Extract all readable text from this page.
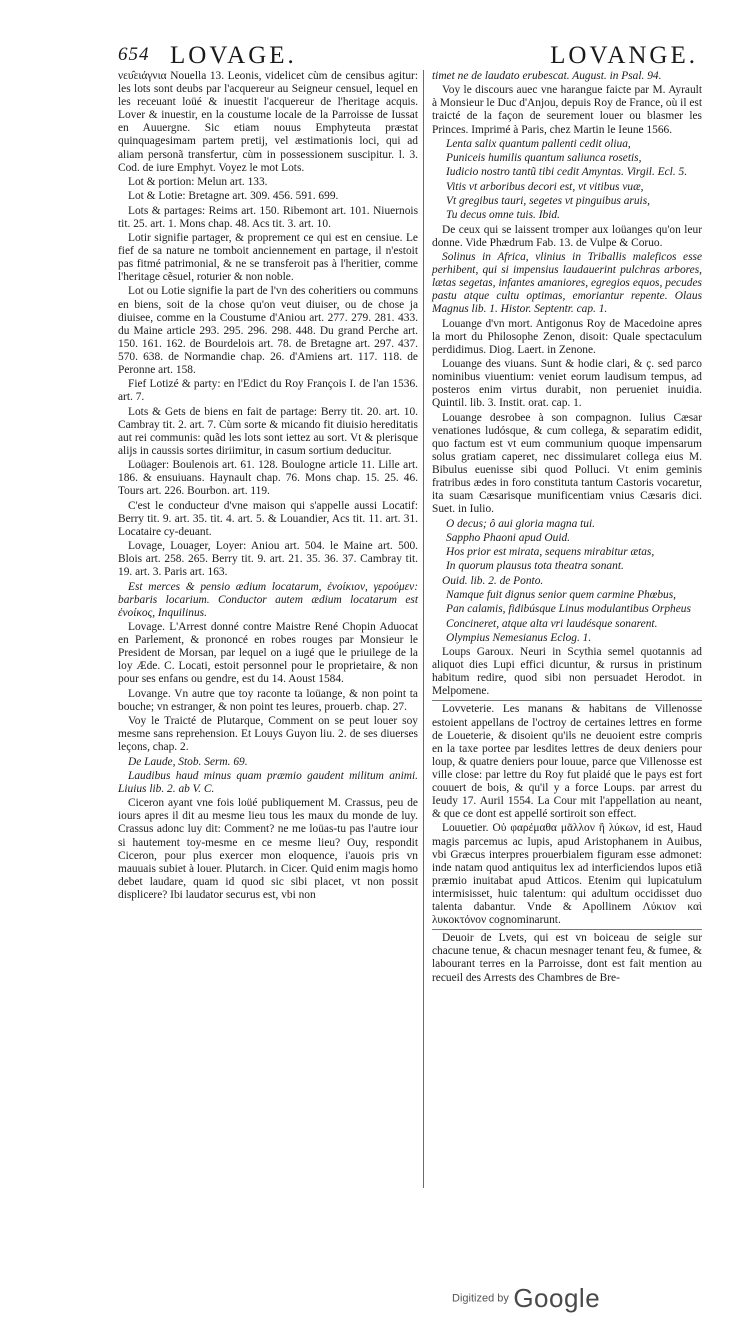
654 LOVAGE.	LOVANGE.
νευ̂ειάγνια Nouella 13. Leonis, videlicet cùm de censibus agitur: les lots sont deubs par l'acquereur au Seigneur censuel, lequel en les receuant loüé & inuestit l'acquereur de l'heritage acquis. Lover & inuestir, en la coustume locale de la Parroisse de Iussat en Auuergne. Sic etiam nouus Emphyteuta præstat quinquagesimam partem pretij, vel æstimationis loci, qui ad aliam personã transfertur, cùm in possessionem suscipitur. l. 3. Cod. de iure Emphyt. Voyez le mot Lots.
Lot & portion: Melun art. 133.
Lot & Lotie: Bretagne art. 309. 456. 591. 699.
Lots & partages: Reims art. 150. Ribemont art. 101. Niuernois tit. 25. art. 1. Mons chap. 48. Acs tit. 3. art. 10.
Lotir signifie partager, & proprement ce qui est en censiue. Le fief de sa nature ne tomboit anciennement en partage, il n'estoit pas fitmé patrimonial, & ne se transferoit pas à l'heritier, comme l'heritage cẽsuel, roturier & non noble.
Lot ou Lotie signifie la part de l'vn des coheritiers ou communs en biens, soit de la chose qu'on veut diuiser, ou de chose ja diuisee, comme en la Coustume d'Aniou art. 277. 279. 281. 433. du Maine article 293. 295. 296. 298. 448. Du grand Perche art. 150. 161. 162. de Bourdelois art. 78. de Bretagne art. 297. 437. 570. 638. de Normandie chap. 26. d'Amiens art. 117. 118. de Peronne art. 158.
Fief Lotizé & party: en l'Edict du Roy François I. de l'an 1536. art. 7.
Lots & Gets de biens en fait de partage: Berry tit. 20. art. 10. Cambray tit. 2. art. 7. Cùm sorte & micando fit diuisio hereditatis aut rei communis: quãd les lots sont iettez au sort. Vt & plerisque alijs in caussis sortes diriimitur, in casum sortium deducitur.
Loüager: Boulenois art. 61. 128. Boulogne article 11. Lille art. 186. & ensuiuans. Haynault chap. 76. Mons chap. 15. 25. 46. Tours art. 226. Bourbon. art. 119.
C'est le conducteur d'vne maison qui s'appelle aussi Locatif: Berry tit. 9. art. 35. tit. 4. art. 5. & Louandier, Acs tit. 11. art. 31. Locataire cy-deuant.
Lovage, Louager, Loyer: Aniou art. 504. le Maine art. 500. Blois art. 258. 265. Berry tit. 9. art. 21. 35. 36. 37. Cambray tit. 19. art. 3. Paris art. 163.
Est merces & pensio ædium locatarum, ἐνοίκιον, γερούμεν: barbaris locarium. Conductor autem ædium locatarum est ἐνοίκος, Inquilinus.
Lovage. L'Arrest donné contre Maistre René Chopin Aduocat en Parlement, & prononcé en robes rouges par Monsieur le President de Morsan, par lequel on a iugé que le priuilege de la loy Æde. C. Locati, estoit personnel pour le proprietaire, & non pour ses enfans ou gendre, est du 14. Aoust 1584.
Lovange. Vn autre que toy raconte ta loüange, & non point ta bouche; vn estranger, & non point tes leures, prouerb. chap. 27.
Voy le Traicté de Plutarque, Comment on se peut louer soy mesme sans reprehension. Et Louys Guyon liu. 2. de ses diuerses leçons, chap. 2.
De Laude, Stob. Serm. 69.
Laudibus haud minus quam præmio gaudent militum animi. Liuius lib. 2. ab V. C.
Ciceron ayant vne fois loüé publiquement M. Crassus, peu de iours apres il dit au mesme lieu tous les maux du monde de luy. Crassus adonc luy dit: Comment? ne me loüas-tu pas l'autre iour si hautement toy-mesme en ce mesme lieu? Ouy, respondit Ciceron, pour plus exercer mon eloquence, i'auois pris vn mauuais subiet à louer. Plutarch. in Cicer. Quid enim magis homo debet laudare, quam id quod sic sibi placet, vt non possit displicere? Ibi laudator securus est, vbi non
timet ne de laudato erubescat. August. in Psal. 94.
Voy le discours auec vne harangue faicte par M. Ayrault à Monsieur le Duc d'Anjou, depuis Roy de France, où il est traicté de la façon de seurement louer ou blasmer les Princes. Imprimé à Paris, chez Martin le Ieune 1566.
Lenta salix quantum pallenti cedit oliua,
Puniceis humilis quantum saliunca rosetis,
Iudicio nostro tantũ tibi cedit Amyntas. Virgil. Ecl. 5.
Vitis vt arboribus decori est, vt vitibus vuæ,
Vt gregibus tauri, segetes vt pinguibus aruis,
Tu decus omne tuis. Ibid.
De ceux qui se laissent tromper aux loüanges qu'on leur donne. Vide Phædrum Fab. 13. de Vulpe & Coruo.
Solinus in Africa, vlinius in Triballis maleficos esse perhibent, qui si impensius laudauerint pulchras arbores, lætas segetas, infantes amaniores, egregios equos, pecudes pastu atque cultu optimas, emoriantur repente. Olaus Magnus lib. 1. Histor. Septentr. cap. 1.
Louange d'vn mort. Antigonus Roy de Macedoine apres la mort du Philosophe Zenon, disoit: Quale spectaculum perdidimus. Diog. Laert. in Zenone.
Louange des viuans. Sunt & hodie clari, & ç. sed parco nominibus viuentium: veniet eorum laudisum tempus, ad posteros enim virtus durabit, non perueniet inuidia. Quintil. lib. 3. Instit. orat. cap. 1.
Louange desrobee à son compagnon. Iulius Cæsar venationes ludósque, & cum collega, & separatim edidit, quo factum est vt eum communium quoque impensarum solus gratiam caperet, nec dissimularet collega eius M. Bibulus euenisse sibi quod Polluci. Vt enim geminis fratribus ædes in foro constituta tantum Castoris vocaretur, ita suam Cæsarisque munificentiam vnius Cæsaris dici. Suet. in Iulio.
O decus; ô aui gloria magna tui.
Sappho Phaoni apud Ouid.
Hos prior est mirata, sequens mirabitur ætas,
In quorum plausus tota theatra sonant.
Ouid. lib. 2. de Ponto.
Namque fuit dignus senior quem carmine Phœbus,
Pan calamis, fidibúsque Linus modulantibus Orpheus
Concineret, atque alta vri laudésque sonarent.
Olympius Nemesianus Eclog. 1.
Loups Garoux. Neuri in Scythia semel quotannis ad aliquot dies Lupi effici dicuntur, & rursus in pristinum habitum redire, quod sibi non persuadet Herodot. in Melpomene.
Lovveterie. Les manans & habitans de Villenosse estoient appellans de l'octroy de certaines lettres en forme de Loueterie, & disoient qu'ils ne deuoient estre compris en la taxe portee par lesdites lettres de deux deniers pour loup, & quatre deniers pour louue, parce que Villenosse est ville close: par lettre du Roy fut plaidé que le pays est fort couuert de bois, & qu'il y a force Loups. par arrest du Ieudy 17. Auril 1554. La Cour mit l'appellation au neant, & que ce dont est appellé sortiroit son effect.
Louuetier. Οὐ φαρέμαθα μᾶλλον ἢ λύκων, id est, Haud magis parcemus ac lupis, apud Aristophanem in Auibus, vbi Græcus interpres prouerbialem figuram esse admonet: inde natam quod antiquitus lex ad interficiendos lupos etiã præmio inuitabat apud Atticos. Etenim qui lupicatulum intermisisset, huic talentum: qui adultum occidisset duo talenta dabantur. Vnde & Apollinem Λύκιον καὶ λυκοκτόνον cognominarunt.
Deuoir de Lvets, qui est vn boiceau de seigle sur chacune tenue, & chacun mesnager tenant feu, & fumee, & labourant terres en la Parroisse, dont est fait mention au recueil des Arrests des Chambres de Bre-
Digitized by Google
